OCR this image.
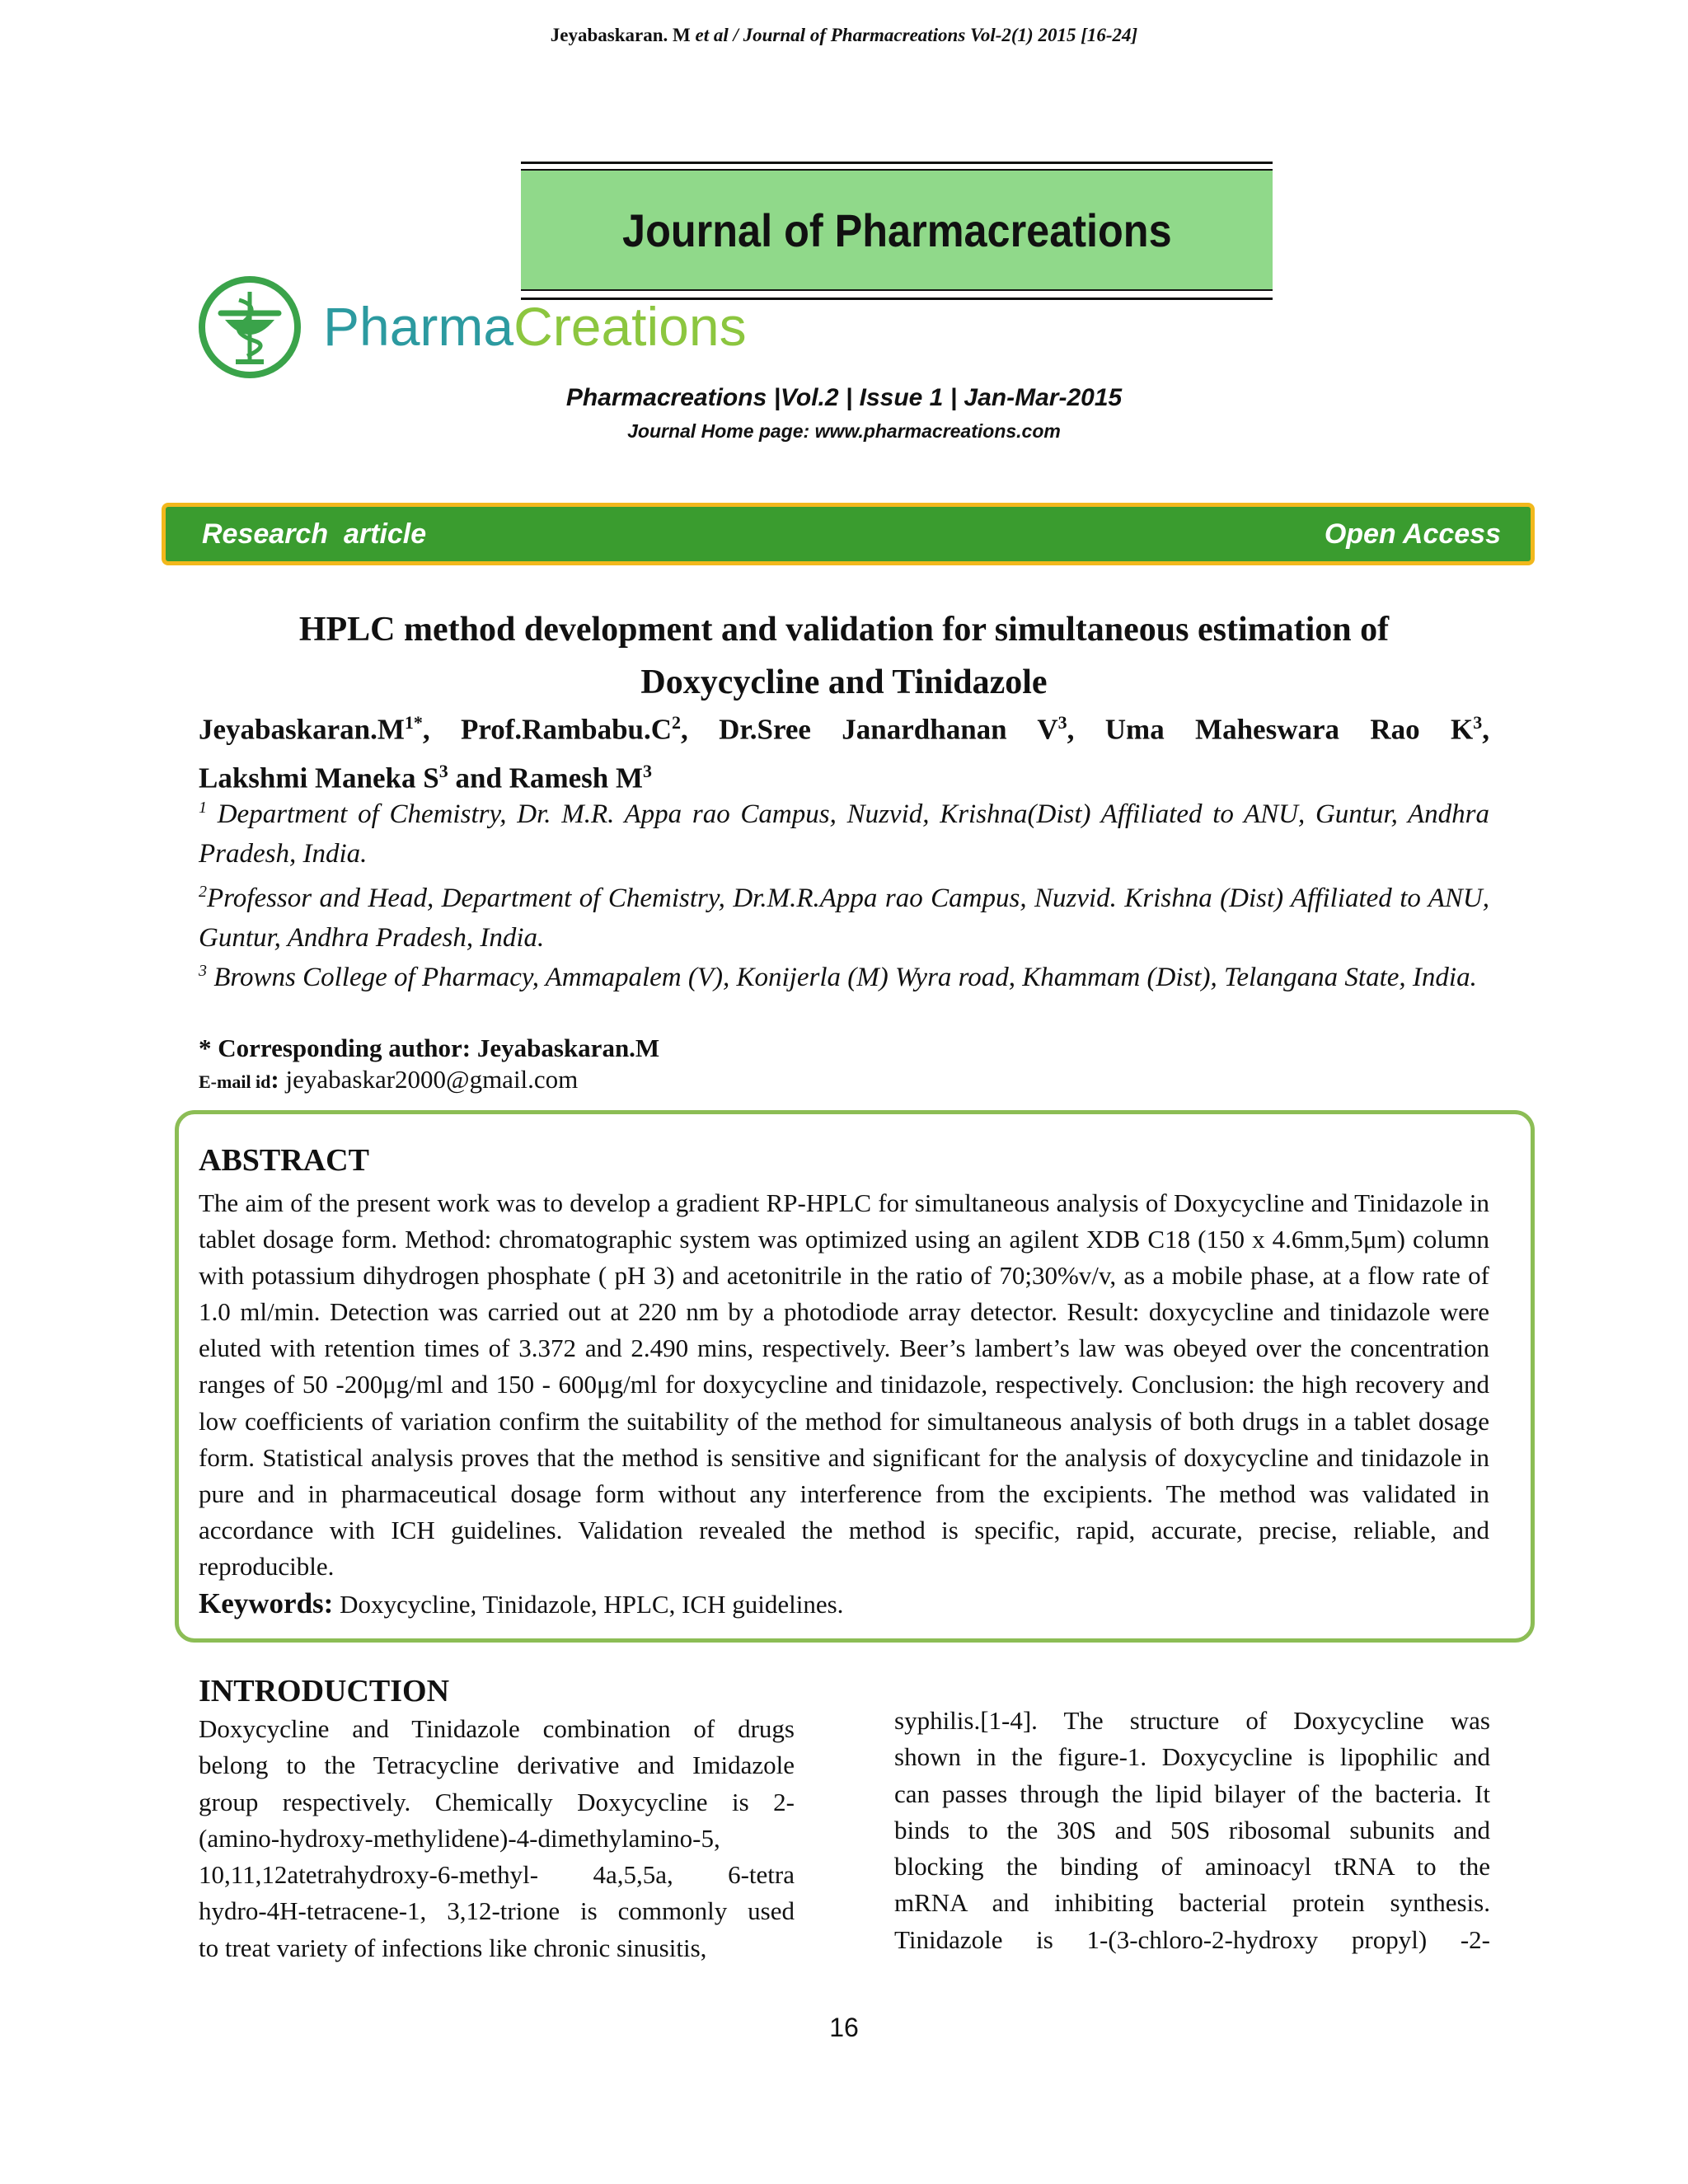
Jeyabaskaran. M et al / Journal of Pharmacreations Vol-2(1) 2015 [16-24]
Journal of Pharmacreations
PharmaCreations
Pharmacreations |Vol.2 | Issue 1 | Jan-Mar-2015
Journal Home page: www.pharmacreations.com
Research  article	Open Access
HPLC method development and validation for simultaneous estimation of
Doxycycline and Tinidazole
$Jeyabaskaran.M^{1*}$, $Prof.Rambabu.C^2$, Dr.Sree Janardhanan $V^3$, Uma Maheswara Rao $K^3$,
Lakshmi Maneka $S^3$ and Ramesh $M^3$
$^1$ Department of Chemistry, Dr. M.R. Appa rao Campus, Nuzvid, Krishna(Dist) Affiliated to ANU, Guntur, Andhra Pradesh, India.
$^2$Professor and Head, Department of Chemistry, Dr.M.R.Appa rao Campus, Nuzvid. Krishna (Dist) Affiliated to ANU, Guntur, Andhra Pradesh, India.
$^3$ Browns College of Pharmacy, Ammapalem (V), Konijerla (M) Wyra road, Khammam (Dist), Telangana State, India.
* Corresponding author: Jeyabaskaran.M
E-mail id: jeyabaskar2000@gmail.com
ABSTRACT
The aim of the present work was to develop a gradient RP-HPLC for simultaneous analysis of Doxycycline and Tinidazole in tablet dosage form. Method: chromatographic system was optimized using an agilent XDB C18 (150 x 4.6mm,5μm) column with potassium dihydrogen phosphate ( pH 3) and acetonitrile in the ratio of 70;30%v/v, as a mobile phase, at a flow rate of 1.0 ml/min. Detection was carried out at 220 nm by a photodiode array detector. Result: doxycycline and tinidazole were eluted with retention times of 3.372 and 2.490 mins, respectively. Beer’s lambert’s law was obeyed over the concentration ranges of 50 -200μg/ml and 150 - 600μg/ml for doxycycline and tinidazole, respectively. Conclusion: the high recovery and low coefficients of variation confirm the suitability of the method for simultaneous analysis of both drugs in a tablet dosage form. Statistical analysis proves that the method is sensitive and significant for the analysis of doxycycline and tinidazole in pure and in pharmaceutical dosage form without any interference from the excipients. The method was validated in accordance with ICH guidelines. Validation revealed the method is specific, rapid, accurate, precise, reliable, and reproducible.
Keywords: Doxycycline, Tinidazole, HPLC, ICH guidelines.
INTRODUCTION
Doxycycline and Tinidazole combination of drugs
belong to the Tetracycline derivative and Imidazole
group respectively. Chemically Doxycycline is 2-
(amino-hydroxy-methylidene)-4-dimethylamino-5,
10,11,12atetrahydroxy-6-methyl- 4a,5,5a, 6-tetra
hydro-4H-tetracene-1, 3,12-trione is commonly used
to treat variety of infections like chronic sinusitis,
syphilis.[1-4]. The structure of Doxycycline was
shown in the figure-1. Doxycycline is lipophilic and
can passes through the lipid bilayer of the bacteria. It
binds to the 30S and 50S ribosomal subunits and
blocking the binding of aminoacyl tRNA to the
mRNA and inhibiting bacterial protein synthesis.
Tinidazole is 1-(3-chloro-2-hydroxy propyl) -2-
16
